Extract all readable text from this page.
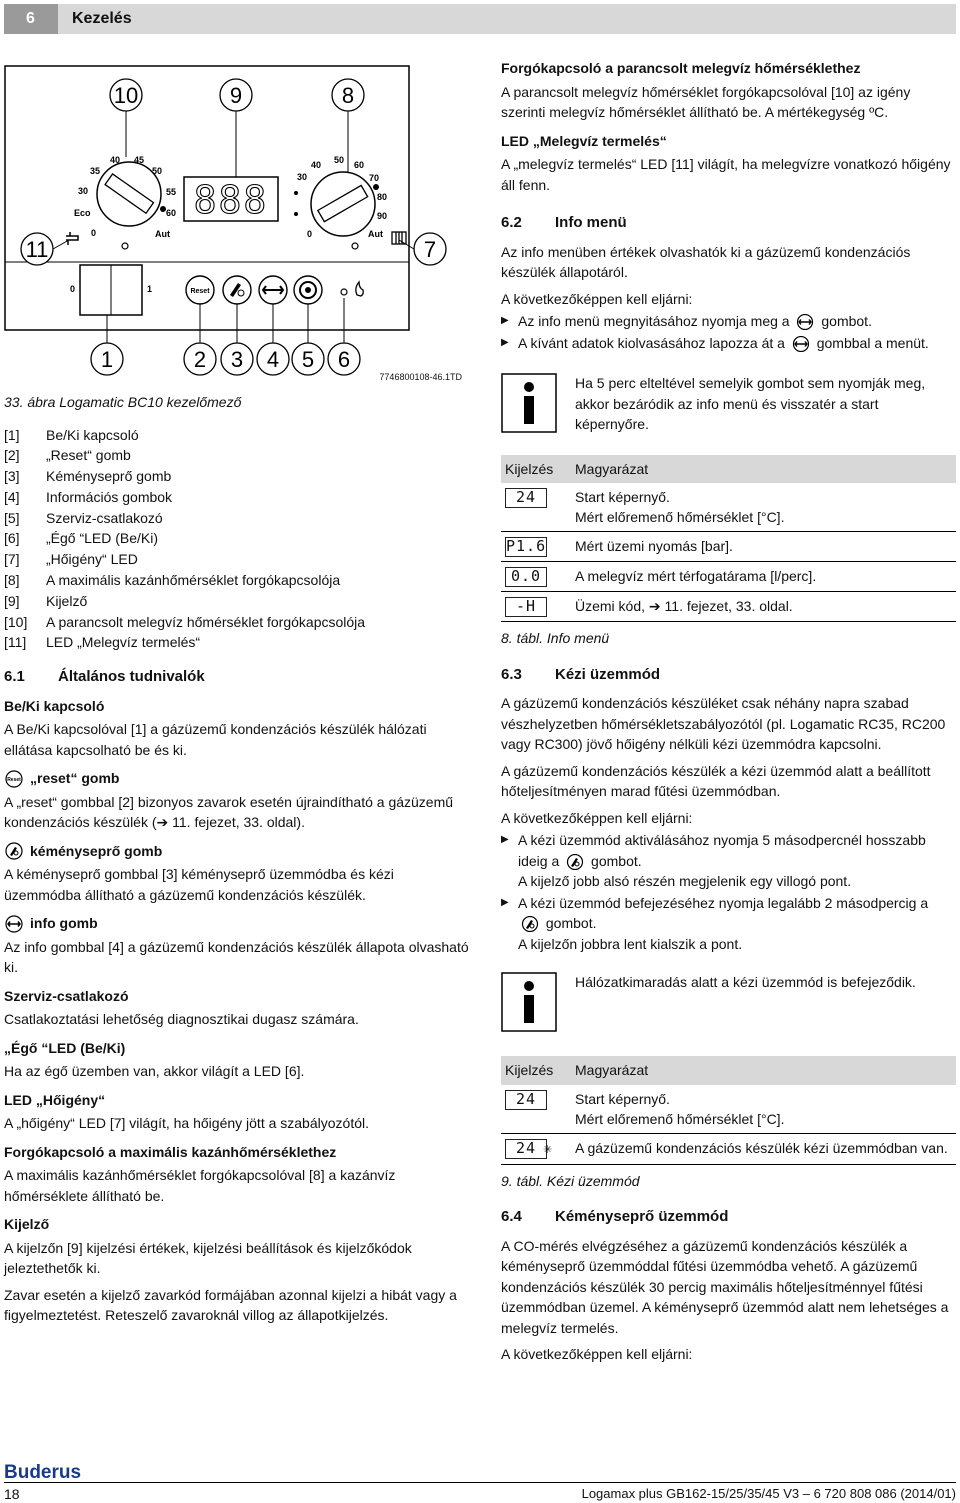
6	Kezelés
10	9	8
11	7
1	2 3 4 5 6
40 45
35	50
30	55
Eco	60
0	Aut
888
50 60
40
70
30
80
90
0	Aut
0	1	Reset
7746800108-46.1TD

33. ábra Logamatic BC10 kezelőmező

[1]	Be/Ki kapcsoló
[2]	„Reset“ gomb
[3]	Kéményseprő gomb
[4]	Információs gombok
[5]	Szerviz-csatlakozó
[6]	„Égő “LED (Be/Ki)
[7]	„Hőigény“ LED
[8]	A maximális kazánhőmérséklet forgókapcsolója
[9]	Kijelző
[10]	A parancsolt melegvíz hőmérséklet forgókapcsolója
[11]	LED „Melegvíz termelés“
6.1	Általános tudnivalók
Be/Ki kapcsoló

A Be/Ki kapcsolóval [1] a gázüzemű kondenzációs készülék hálózati ellátása kapcsolható be és ki.

Reset „reset“ gomb

A „reset“ gombbal [2] bizonyos zavarok esetén újraindítható a gázüzemű kondenzációs készülék (➔ 11. fejezet, 33. oldal).

kéményseprő gomb

A kéményseprő gombbal [3] kéményseprő üzemmódba és kézi üzemmódba állítható a gázüzemű kondenzációs készülék.

info gomb

Az info gombbal [4] a gázüzemű kondenzációs készülék állapota olvasható ki.

Szerviz-csatlakozó

Csatlakoztatási lehetőség diagnosztikai dugasz számára.

„Égő “LED (Be/Ki)

Ha az égő üzemben van, akkor világít a LED [6].

LED „Hőigény“

A „hőigény“ LED [7] világít, ha hőigény jött a szabályozótól.

Forgókapcsoló a maximális kazánhőmérséklethez

A maximális kazánhőmérséklet forgókapcsolóval [8] a kazánvíz hőmérséklete állítható be.

Kijelző

A kijelzőn [9] kijelzési értékek, kijelzési beállítások és kijelzőkódok jeleztethetők ki.

Zavar esetén a kijelző zavarkód formájában azonnal kijelzi a hibát vagy a figyelmeztetést. Reteszelő zavaroknál villog az állapotkijelzés.

Forgókapcsoló a parancsolt melegvíz hőmérséklethez

A parancsolt melegvíz hőmérséklet forgókapcsolóval [10] az igény szerinti melegvíz hőmérséklet állítható be. A mértékegység ºC.

LED „Melegvíz termelés“

A „melegvíz termelés“ LED [11] világít, ha melegvízre vonatkozó hőigény áll fenn.

6.2	Info menü

Az info menüben értékek olvashatók ki a gázüzemű kondenzációs készülék állapotáról.

A következőképpen kell eljárni:

▶ Az info menü megnyitásához nyomja meg a gombot.
▶ A kívánt adatok kiolvasásához lapozza át a gombbal a menüt.
Ha 5 perc elteltével semelyik gombot sem nyomják meg, akkor bezáródik az info menü és visszatér a start képernyőre.
Kijelzés	Magyarázat
24	Start képernyő.
Mért előremenő hőmérséklet [°C].

P1.6	Mért üzemi nyomás [bar].

0.0	A melegvíz mért térfogatárama [l/perc].

-H	Üzemi kód, ➔ 11. fejezet, 33. oldal.

8. tábl. Info menü

6.3	Kézi üzemmód

A gázüzemű kondenzációs készüléket csak néhány napra szabad vészhelyzetben hőmérsékletszabályozótól (pl. Logamatic RC35, RC200 vagy RC300) jövő hőigény nélküli kézi üzemmódra kapcsolni.

A gázüzemű kondenzációs készülék a kézi üzemmód alatt a beállított hőteljesítményen marad fűtési üzemmódban.

A következőképpen kell eljárni:

▶ A kézi üzemmód aktiválásához nyomja 5 másodpercnél hosszabb ideig a gombot.
A kijelző jobb alsó részén megjelenik egy villogó pont.
▶ A kézi üzemmód befejezéséhez nyomja legalább 2 másodpercig a  gombot.
A kijelzőn jobbra lent kialszik a pont.
Hálózatkimaradás alatt a kézi üzemmód is befejeződik.
Kijelzés	Magyarázat
24	Start képernyő.
Mért előremenő hőmérséklet [°C].

24 ✳	A gázüzemű kondenzációs készülék kézi üzemmódban van.

9. tábl. Kézi üzemmód

6.4	Kéményseprő üzemmód

A CO-mérés elvégzéséhez a gázüzemű kondenzációs készülék a kéményseprő üzemmóddal fűtési üzemmódba vehető. A gázüzemű kondenzációs készülék 30 percig maximális hőteljesítménnyel fűtési üzemmódban üzemel. A kéményseprő üzemmód alatt nem lehetséges a melegvíz termelés.

A következőképpen kell eljárni:

Buderus
18	Logamax plus GB162-15/25/35/45 V3 – 6 720 808 086 (2014/01)
